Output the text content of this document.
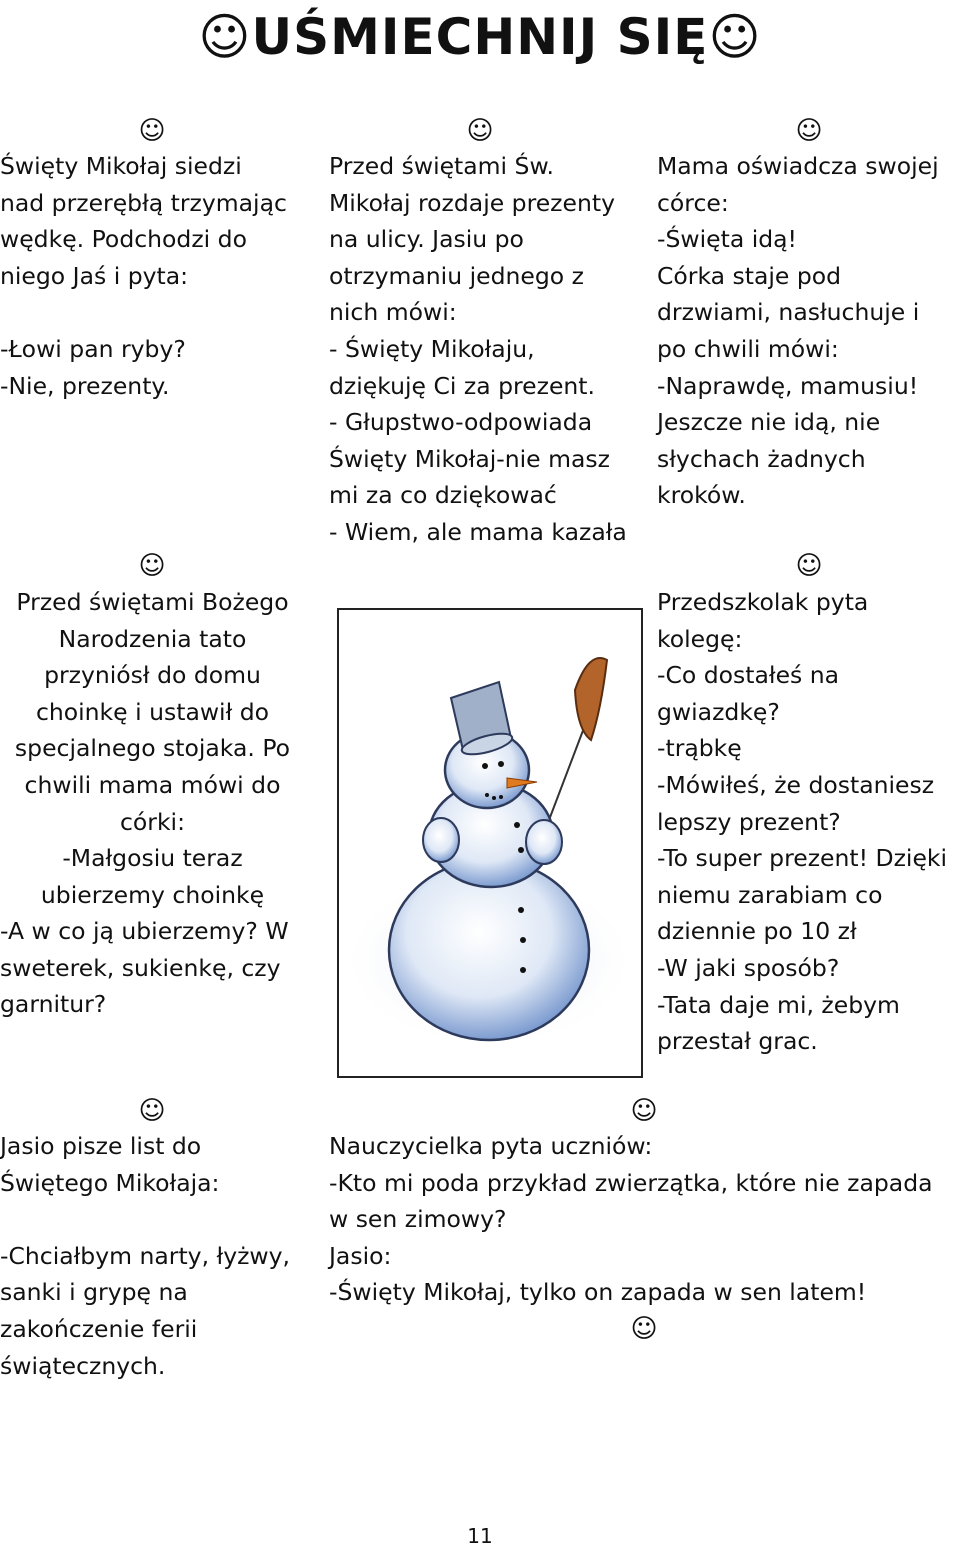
☺UŚMIECHNIJ SIĘ☺
☺	☺	☺
☺	☺
☺	☺
☺
Święty Mikołaj siedzi
nad przerębłą trzymając
wędkę. Podchodzi do
niego Jaś i pyta:

-Łowi pan ryby?
-Nie, prezenty.
Przed świętami Św.
Mikołaj rozdaje prezenty
na ulicy. Jasiu po
otrzymaniu jednego z
nich mówi:
- Święty Mikołaju,
dziękuję Ci za prezent.
- Głupstwo-odpowiada
Święty Mikołaj-nie masz
mi za co dziękować
- Wiem, ale mama kazała
Mama oświadcza swojej
córce:
-Święta idą!
Córka staje pod
drzwiami, nasłuchuje i
po chwili mówi:
-Naprawdę, mamusiu!
Jeszcze nie idą, nie
słychach żadnych
kroków.
Przed świętami Bożego
Narodzenia tato
przyniósł do domu
choinkę i ustawił do
specjalnego stojaka. Po
chwili mama mówi do
córki:
-Małgosiu teraz
ubierzemy choinkę
-A w co ją ubierzemy? W
sweterek, sukienkę, czy
garnitur?
Przedszkolak pyta
kolegę:
-Co dostałeś na
gwiazdkę?
-trąbkę
-Mówiłeś, że dostaniesz
lepszy prezent?
-To super prezent! Dzięki
niemu zarabiam co
dziennie po 10 zł
-W jaki sposób?
-Tata daje mi, żebym
przestał grac.
Jasio pisze list do
Świętego Mikołaja:

-Chciałbym narty, łyżwy,
sanki i grypę na
zakończenie ferii
świątecznych.
Nauczycielka pyta uczniów:
-Kto mi poda przykład zwierzątka, które nie zapada
w sen zimowy?
Jasio:
-Święty Mikołaj, tylko on zapada w sen latem!
11
